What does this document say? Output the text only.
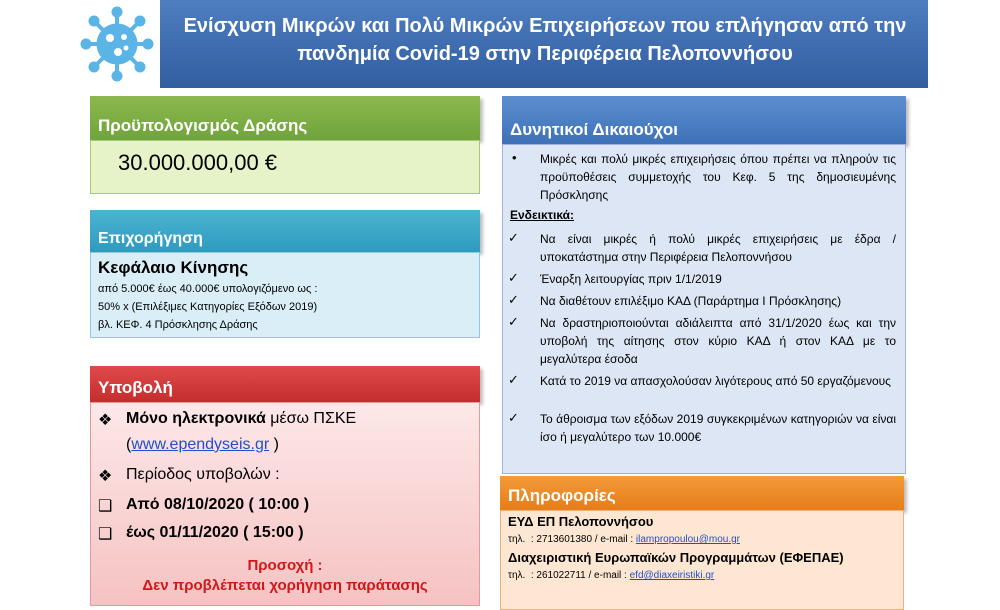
Ενίσχυση Μικρών και Πολύ Μικρών Επιχειρήσεων που επλήγησαν από την
πανδημία Covid-19 στην Περιφέρεια Πελοποννήσου
Προϋπολογισμός Δράσης
30.000.000,00 €
Επιχορήγηση
Κεφάλαιο Κίνησης
από 5.000€ έως 40.000€ υπολογιζόμενο ως :
50% x (Επιλέξιμες Κατηγορίες Εξόδων 2019)
βλ. ΚΕΦ. 4 Πρόσκλησης Δράσης
Υποβολή
❖ Μόνο ηλεκτρονικά μέσω ΠΣΚΕ
( www.ependyseis.gr )
❖ Περίοδος υποβολών :
❑ Από 08/10/2020 ( 10:00 )
❑ έως 01/11/2020 ( 15:00 )
Προσοχή :
Δεν προβλέπεται χορήγηση παράτασης
Δυνητικοί Δικαιούχοι
• Μικρές και πολύ μικρές επιχειρήσεις όπου πρέπει να πληρούν τις προϋποθέσεις συμμετοχής του Κεφ. 5 της δημοσιευμένης Πρόσκλησης
Ενδεικτικά:
✓ Να είναι μικρές ή πολύ μικρές επιχειρήσεις με έδρα / υποκατάστημα στην Περιφέρεια Πελοποννήσου
✓ Έναρξη λειτουργίας πριν 1/1/2019
✓ Να διαθέτουν επιλέξιμο ΚΑΔ (Παράρτημα Ι Πρόσκλησης)
✓ Να δραστηριοποιούνται αδιάλειπτα από 31/1/2020 έως και την υποβολή της αίτησης στον κύριο ΚΑΔ ή στον ΚΑΔ με το μεγαλύτερα έσοδα
✓ Κατά το 2019 να απασχολούσαν λιγότερους από 50 εργαζόμενους
✓ Το άθροισμα των εξόδων 2019 συγκεκριμένων κατηγοριών να είναι ίσο ή μεγαλύτερο των 10.000€
Πληροφορίες
ΕΥΔ ΕΠ Πελοποννήσου
τηλ.  : 2713601380 / e-mail : ilampropoulou@mou.gr
Διαχειριστική Ευρωπαϊκών Προγραμμάτων (ΕΦΕΠΑΕ)
τηλ.  : 261022711 / e-mail : efd@diaxeiristiki.gr
